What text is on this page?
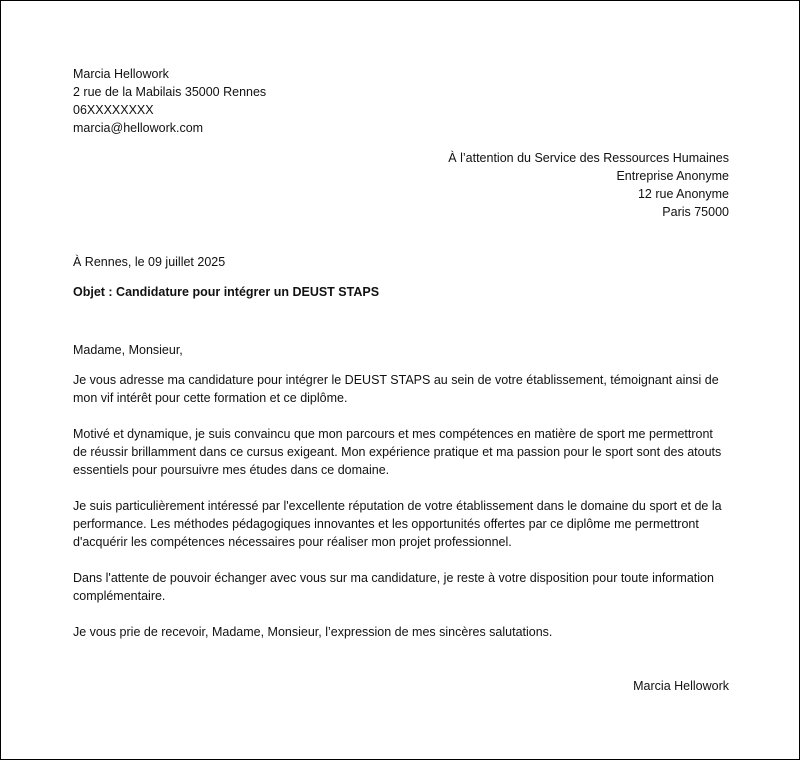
Marcia Hellowork

2 rue de la Mabilais 35000 Rennes

06XXXXXXXX

marcia@hellowork.com

À l’attention du Service des Ressources Humaines

Entreprise Anonyme

12 rue Anonyme

Paris 75000

À Rennes, le 09 juillet 2025

Objet : Candidature pour intégrer un DEUST STAPS

Madame, Monsieur,

Je vous adresse ma candidature pour intégrer le DEUST STAPS au sein de votre établissement, témoignant ainsi de mon vif intérêt pour cette formation et ce diplôme.

Motivé et dynamique, je suis convaincu que mon parcours et mes compétences en matière de sport me permettront de réussir brillamment dans ce cursus exigeant. Mon expérience pratique et ma passion pour le sport sont des atouts essentiels pour poursuivre mes études dans ce domaine.

Je suis particulièrement intéressé par l'excellente réputation de votre établissement dans le domaine du sport et de la performance. Les méthodes pédagogiques innovantes et les opportunités offertes par ce diplôme me permettront d'acquérir les compétences nécessaires pour réaliser mon projet professionnel.

Dans l'attente de pouvoir échanger avec vous sur ma candidature, je reste à votre disposition pour toute information complémentaire.

Je vous prie de recevoir, Madame, Monsieur, l’expression de mes sincères salutations.

Marcia Hellowork
